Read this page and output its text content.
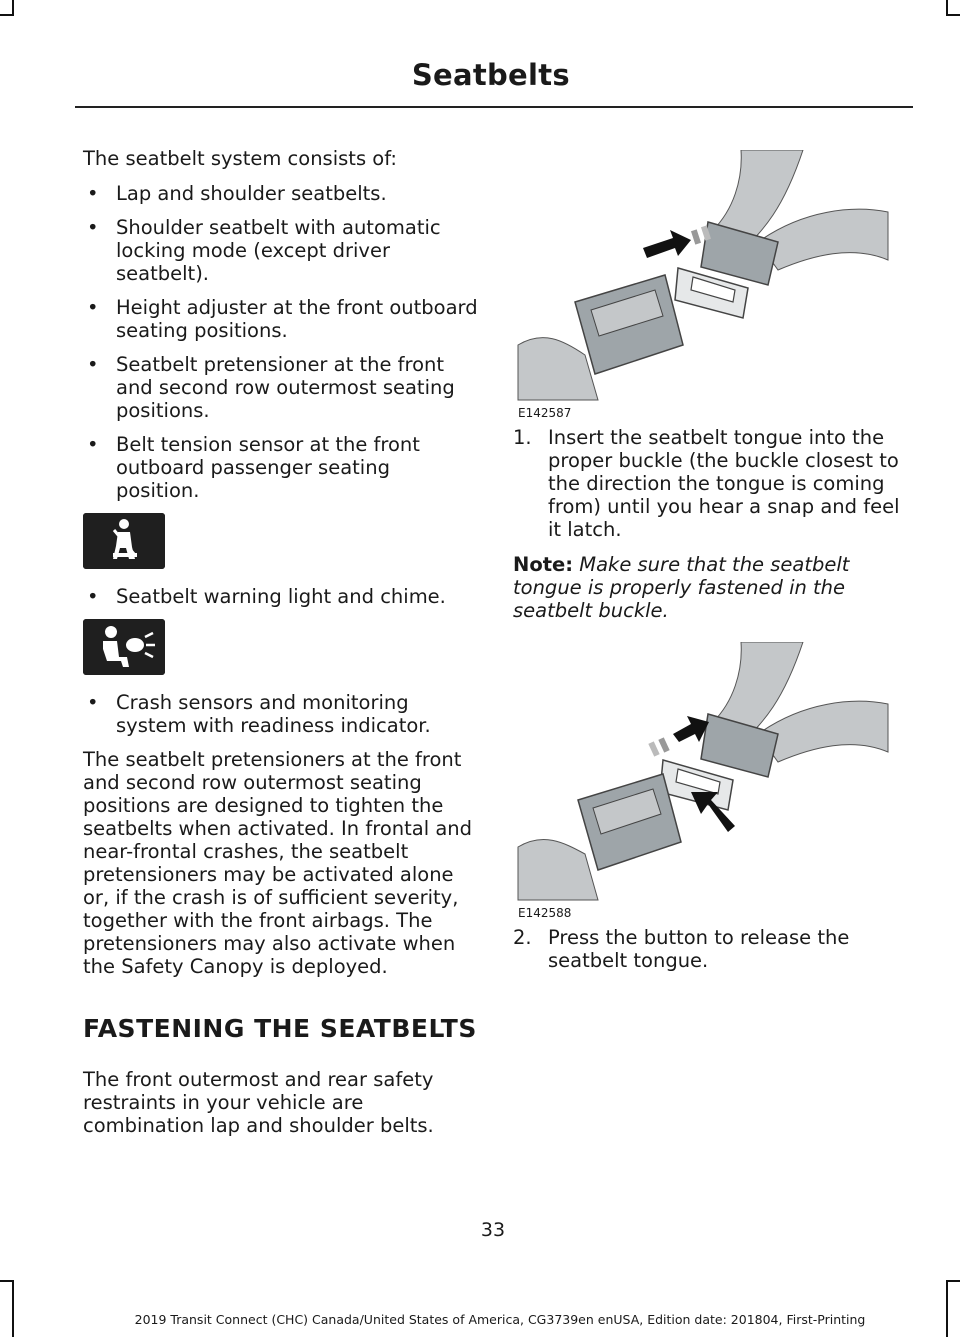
Seatbelts

The seatbelt system consists of:

• Lap and shoulder seatbelts.
• Shoulder seatbelt with automatic locking mode (except driver seatbelt).
• Height adjuster at the front outboard seating positions.
• Seatbelt pretensioner at the front and second row outermost seating positions.
• Belt tension sensor at the front outboard passenger seating position.
• Seatbelt warning light and chime.
• Crash sensors and monitoring system with readiness indicator.

The seatbelt pretensioners at the front and second row outermost seating positions are designed to tighten the seatbelts when activated. In frontal and near-frontal crashes, the seatbelt pretensioners may be activated alone or, if the crash is of sufficient severity, together with the front airbags. The pretensioners may also activate when the Safety Canopy is deployed.

FASTENING THE SEATBELTS

The front outermost and rear safety restraints in your vehicle are combination lap and shoulder belts.

E142587
1. Insert the seatbelt tongue into the proper buckle (the buckle closest to the direction the tongue is coming from) until you hear a snap and feel it latch.

Note: Make sure that the seatbelt tongue is properly fastened in the seatbelt buckle.

E142588
2. Press the button to release the seatbelt tongue.
33
2019 Transit Connect (CHC) Canada/United States of America, CG3739en enUSA, Edition date: 201804, First-Printing
